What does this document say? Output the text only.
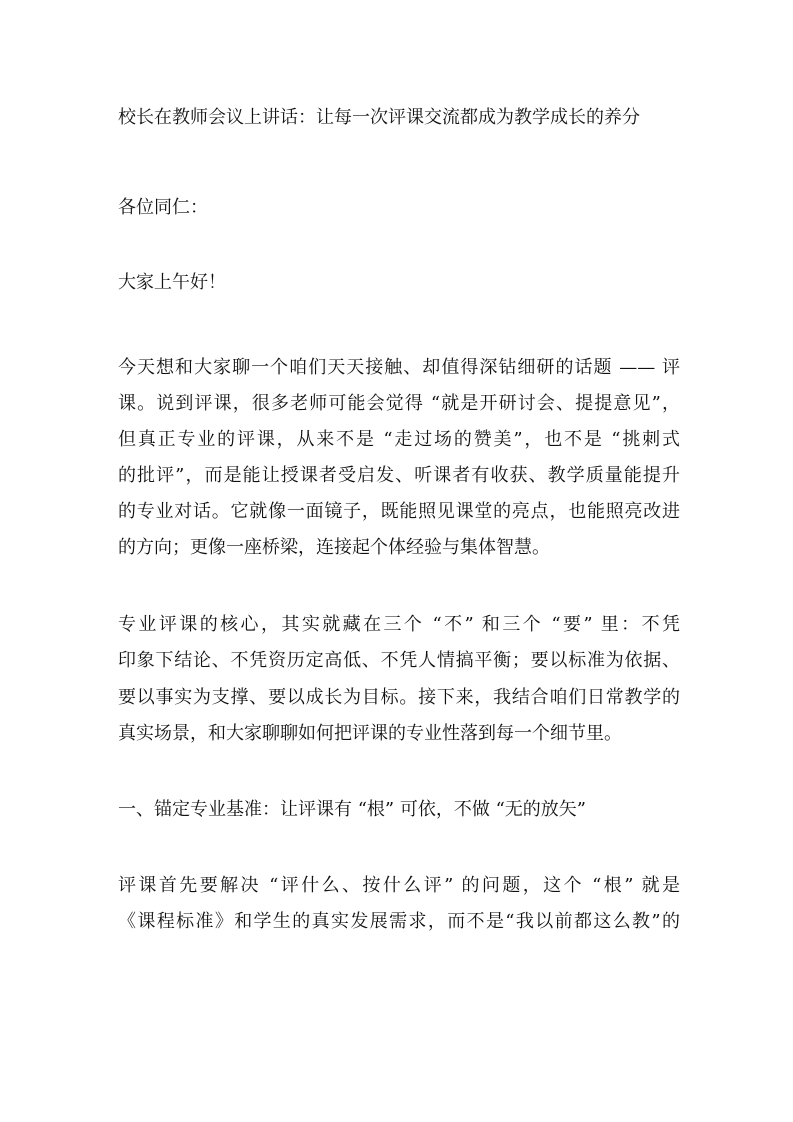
校长在教师会议上讲话：让每一次评课交流都成为教学成长的养分
各位同仁：
大家上午好！
今天想和大家聊一个咱们天天接触、却值得深钻细研的话题 —— 评
课。说到评课，很多老师可能会觉得 “就是开研讨会、提提意见”，
但真正专业的评课，从来不是 “走过场的赞美”，也不是 “挑刺式
的批评”，而是能让授课者受启发、听课者有收获、教学质量能提升
的专业对话。它就像一面镜子，既能照见课堂的亮点，也能照亮改进
的方向；更像一座桥梁，连接起个体经验与集体智慧。
专业评课的核心，其实就藏在三个 “不” 和三个 “要” 里：不凭
印象下结论、不凭资历定高低、不凭人情搞平衡；要以标准为依据、
要以事实为支撑、要以成长为目标。接下来，我结合咱们日常教学的
真实场景，和大家聊聊如何把评课的专业性落到每一个细节里。
一、锚定专业基准：让评课有 “根” 可依，不做 “无的放矢”
评课首先要解决 “评什么、按什么评” 的问题，这个 “根” 就是
《课程标准》和学生的真实发展需求，而不是“我以前都这么教”的
